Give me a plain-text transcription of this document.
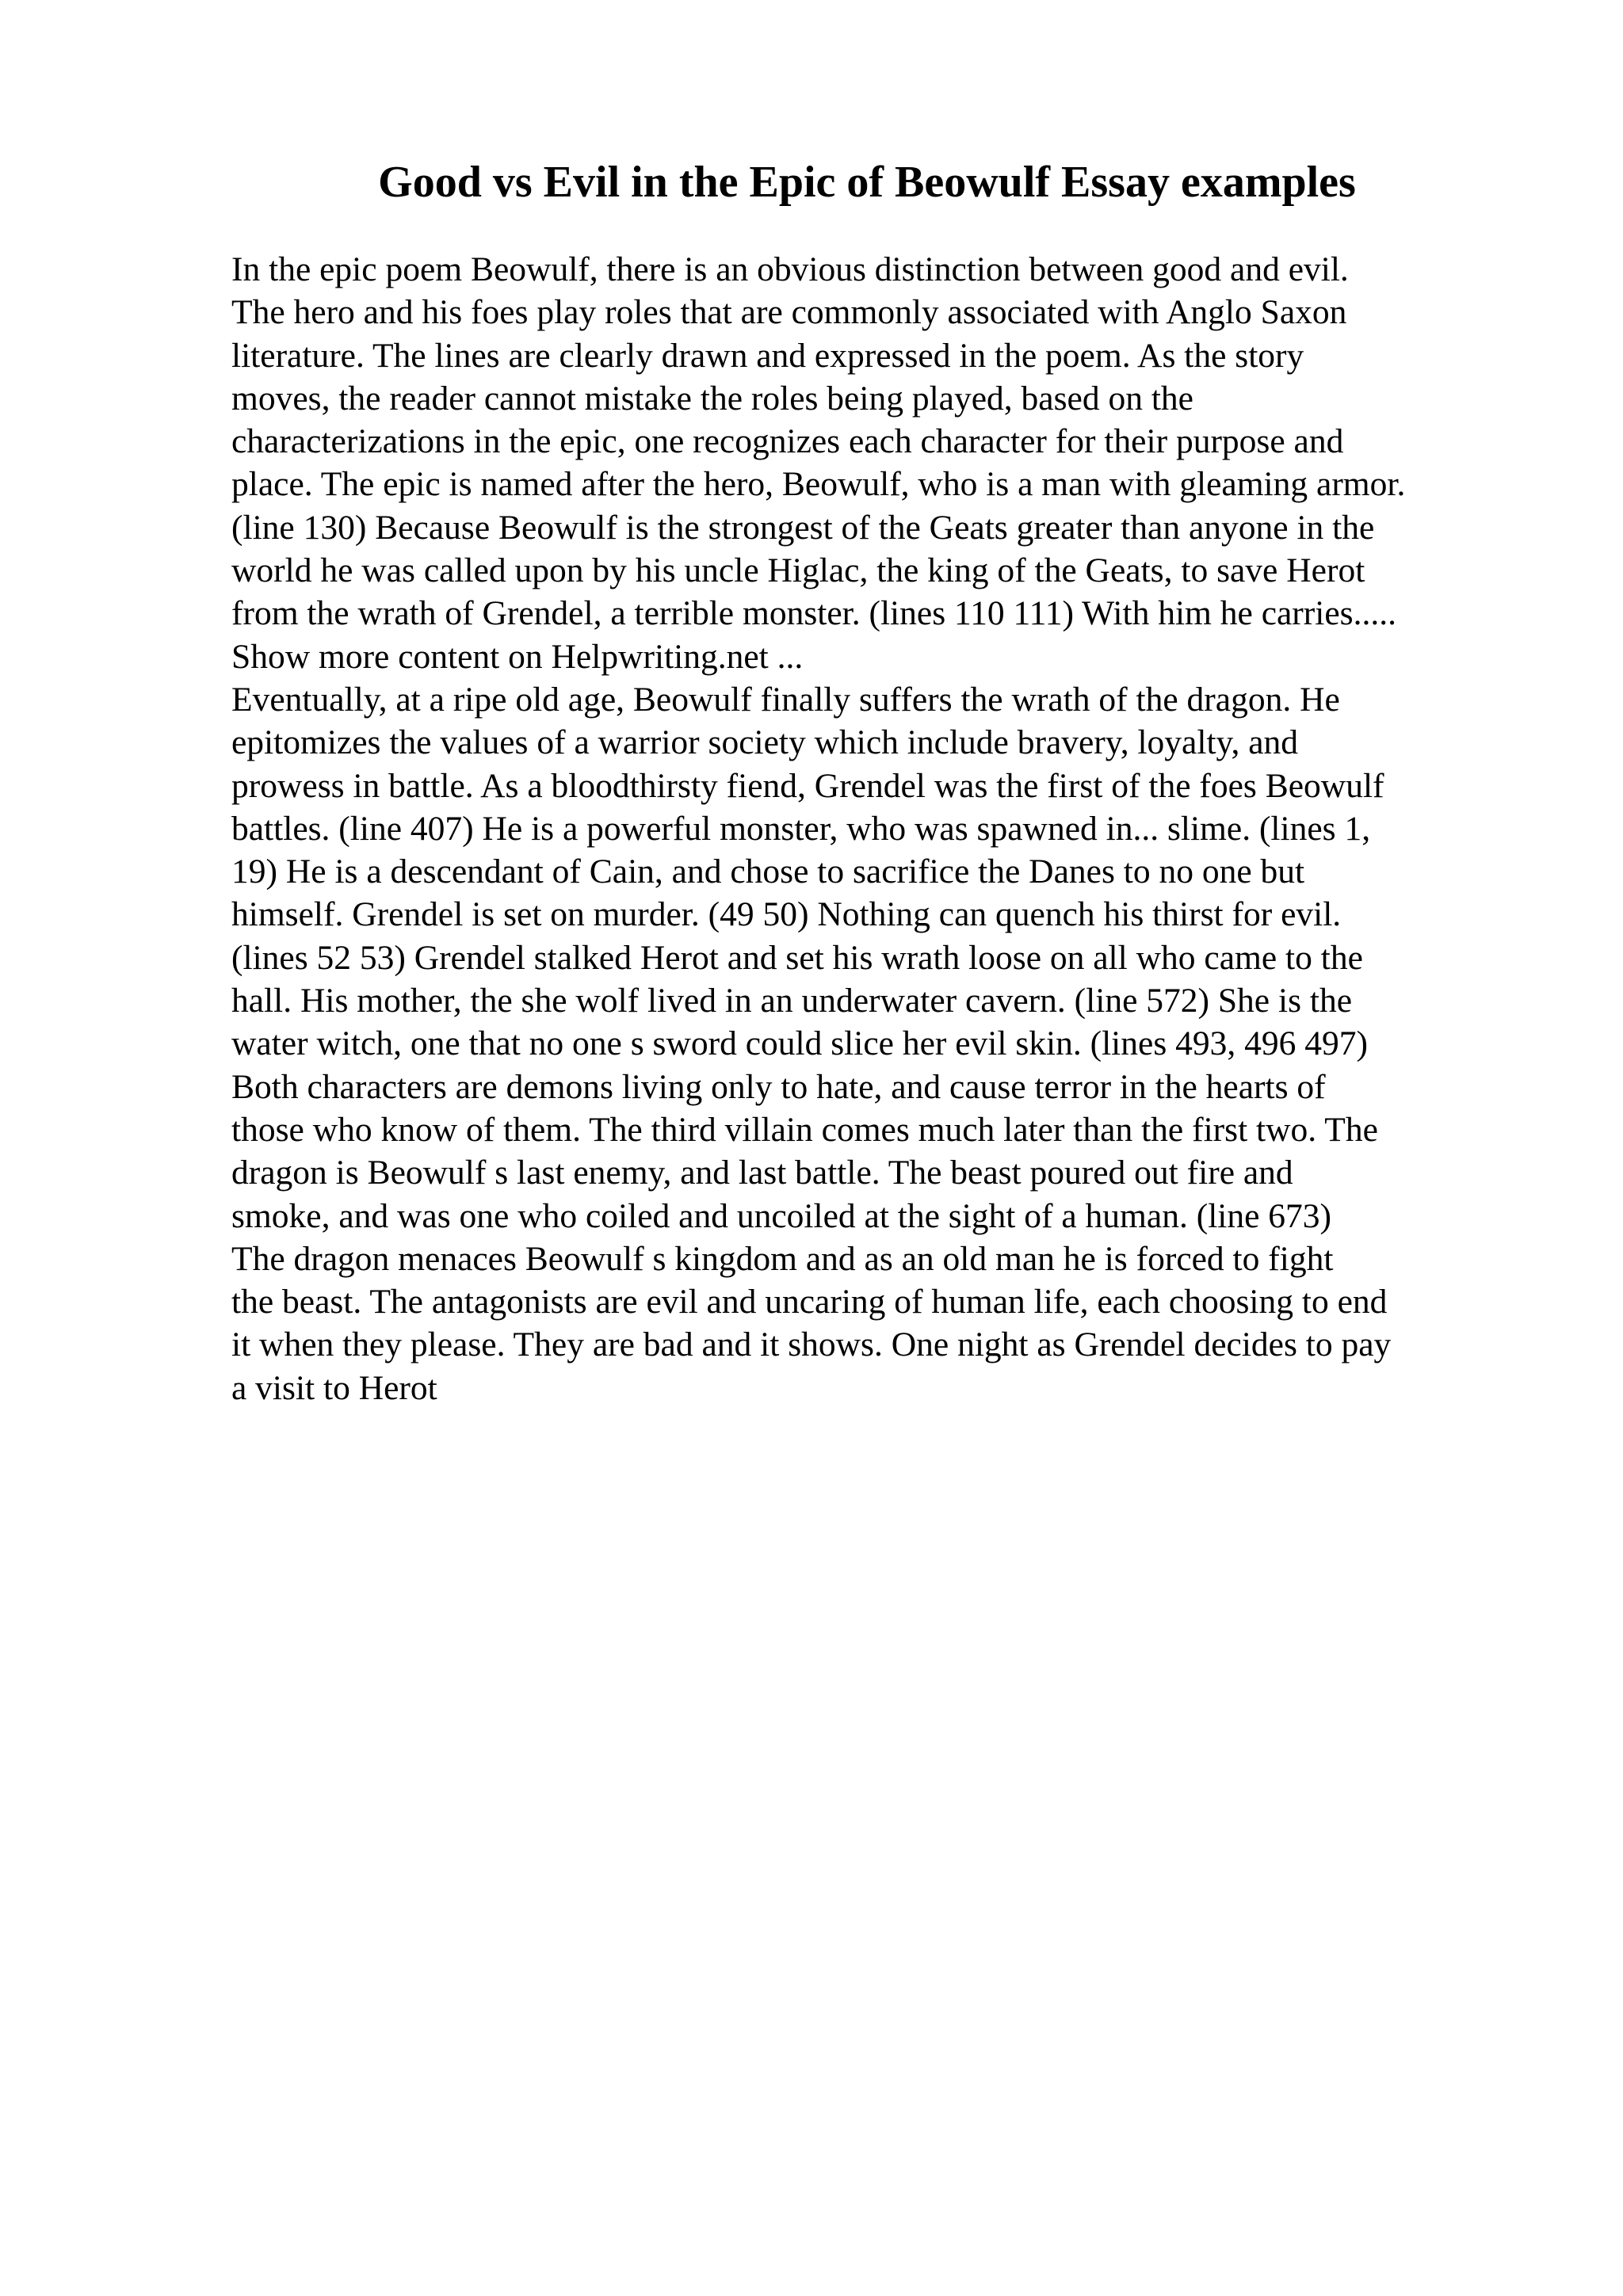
Good vs Evil in the Epic of Beowulf Essay examples
In the epic poem Beowulf, there is an obvious distinction between good and evil.
The hero and his foes play roles that are commonly associated with Anglo Saxon
literature. The lines are clearly drawn and expressed in the poem. As the story
moves, the reader cannot mistake the roles being played, based on the
characterizations in the epic, one recognizes each character for their purpose and
place. The epic is named after the hero, Beowulf, who is a man with gleaming armor.
(line 130) Because Beowulf is the strongest of the Geats greater than anyone in the
world he was called upon by his uncle Higlac, the king of the Geats, to save Herot
from the wrath of Grendel, a terrible monster. (lines 110 111) With him he carries.....
Show more content on Helpwriting.net ...
Eventually, at a ripe old age, Beowulf finally suffers the wrath of the dragon. He
epitomizes the values of a warrior society which include bravery, loyalty, and
prowess in battle. As a bloodthirsty fiend, Grendel was the first of the foes Beowulf
battles. (line 407) He is a powerful monster, who was spawned in... slime. (lines 1,
19) He is a descendant of Cain, and chose to sacrifice the Danes to no one but
himself. Grendel is set on murder. (49 50) Nothing can quench his thirst for evil.
(lines 52 53) Grendel stalked Herot and set his wrath loose on all who came to the
hall. His mother, the she wolf lived in an underwater cavern. (line 572) She is the
water witch, one that no one s sword could slice her evil skin. (lines 493, 496 497)
Both characters are demons living only to hate, and cause terror in the hearts of
those who know of them. The third villain comes much later than the first two. The
dragon is Beowulf s last enemy, and last battle. The beast poured out fire and
smoke, and was one who coiled and uncoiled at the sight of a human. (line 673)
The dragon menaces Beowulf s kingdom and as an old man he is forced to fight
the beast. The antagonists are evil and uncaring of human life, each choosing to end
it when they please. They are bad and it shows. One night as Grendel decides to pay
a visit to Herot
